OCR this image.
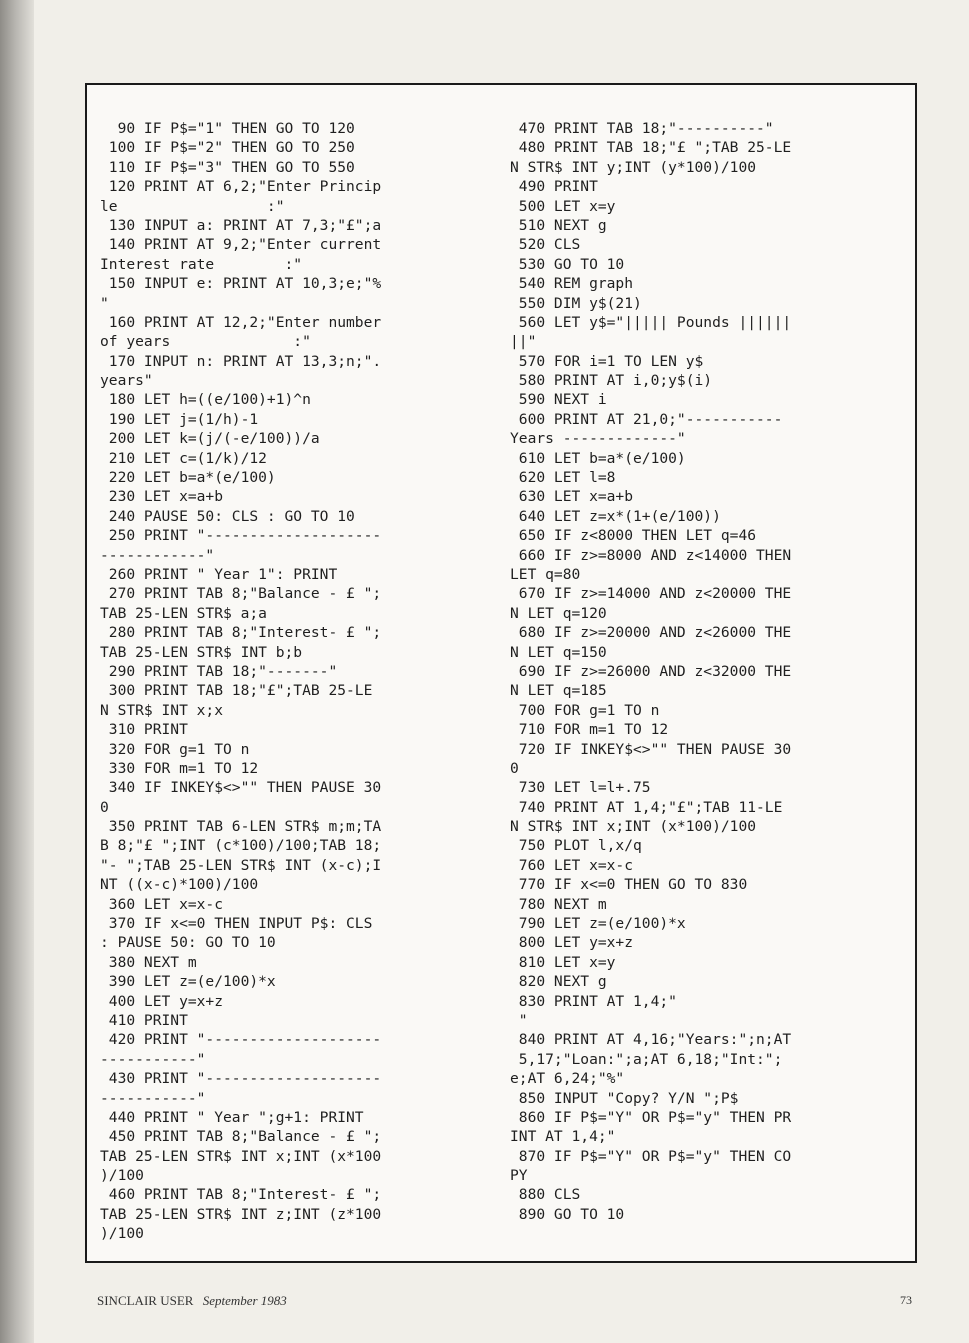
90 IF P$="1" THEN GO TO 120
100 IF P$="2" THEN GO TO 250
110 IF P$="3" THEN GO TO 550
120 PRINT AT 6,2;"Enter Princip
le                 :"
130 INPUT a: PRINT AT 7,3;"£";a
140 PRINT AT 9,2;"Enter current
Interest rate        :"
150 INPUT e: PRINT AT 10,3;e;"%
"
160 PRINT AT 12,2;"Enter number
of years              :"
170 INPUT n: PRINT AT 13,3;n;".
years"
180 LET h=((e/100)+1)^n
190 LET j=(1/h)-1
200 LET k=(j/(-e/100))/a
210 LET c=(1/k)/12
220 LET b=a*(e/100)
230 LET x=a+b
240 PAUSE 50: CLS : GO TO 10
250 PRINT "--------------------
------------"
260 PRINT " Year 1": PRINT
270 PRINT TAB 8;"Balance - £ ";
TAB 25-LEN STR$ a;a
280 PRINT TAB 8;"Interest- £ ";
TAB 25-LEN STR$ INT b;b
290 PRINT TAB 18;"-------"
300 PRINT TAB 18;"£";TAB 25-LE
N STR$ INT x;x
310 PRINT
320 FOR g=1 TO n
330 FOR m=1 TO 12
340 IF INKEY$<>"" THEN PAUSE 30
0
350 PRINT TAB 6-LEN STR$ m;m;TA
B 8;"£ ";INT (c*100)/100;TAB 18;
"- ";TAB 25-LEN STR$ INT (x-c);I
NT ((x-c)*100)/100
360 LET x=x-c
370 IF x<=0 THEN INPUT P$: CLS
: PAUSE 50: GO TO 10
380 NEXT m
390 LET z=(e/100)*x
400 LET y=x+z
410 PRINT
420 PRINT "--------------------
-----------"
430 PRINT "--------------------
-----------"
440 PRINT " Year ";g+1: PRINT
450 PRINT TAB 8;"Balance - £ ";
TAB 25-LEN STR$ INT x;INT (x*100
)/100
460 PRINT TAB 8;"Interest- £ ";
TAB 25-LEN STR$ INT z;INT (z*100
)/100
470 PRINT TAB 18;"----------"
480 PRINT TAB 18;"£ ";TAB 25-LE
N STR$ INT y;INT (y*100)/100
490 PRINT
500 LET x=y
510 NEXT g
520 CLS
530 GO TO 10
540 REM graph
550 DIM y$(21)
560 LET y$="||||| Pounds ||||||
||"
570 FOR i=1 TO LEN y$
580 PRINT AT i,0;y$(i)
590 NEXT i
600 PRINT AT 21,0;"-----------
Years -------------"
610 LET b=a*(e/100)
620 LET l=8
630 LET x=a+b
640 LET z=x*(1+(e/100))
650 IF z<8000 THEN LET q=46
660 IF z>=8000 AND z<14000 THEN
LET q=80
670 IF z>=14000 AND z<20000 THE
N LET q=120
680 IF z>=20000 AND z<26000 THE
N LET q=150
690 IF z>=26000 AND z<32000 THE
N LET q=185
700 FOR g=1 TO n
710 FOR m=1 TO 12
720 IF INKEY$<>"" THEN PAUSE 30
0
730 LET l=l+.75
740 PRINT AT 1,4;"£";TAB 11-LE
N STR$ INT x;INT (x*100)/100
750 PLOT l,x/q
760 LET x=x-c
770 IF x<=0 THEN GO TO 830
780 NEXT m
790 LET z=(e/100)*x
800 LET y=x+z
810 LET x=y
820 NEXT g
830 PRINT AT 1,4;"
"
840 PRINT AT 4,16;"Years:";n;AT
5,17;"Loan:";a;AT 6,18;"Int:";
e;AT 6,24;"%"
850 INPUT "Copy? Y/N ";P$
860 IF P$="Y" OR P$="y" THEN PR
INT AT 1,4;"
870 IF P$="Y" OR P$="y" THEN CO
PY
880 CLS
890 GO TO 10
SINCLAIR USER September 1983	73
